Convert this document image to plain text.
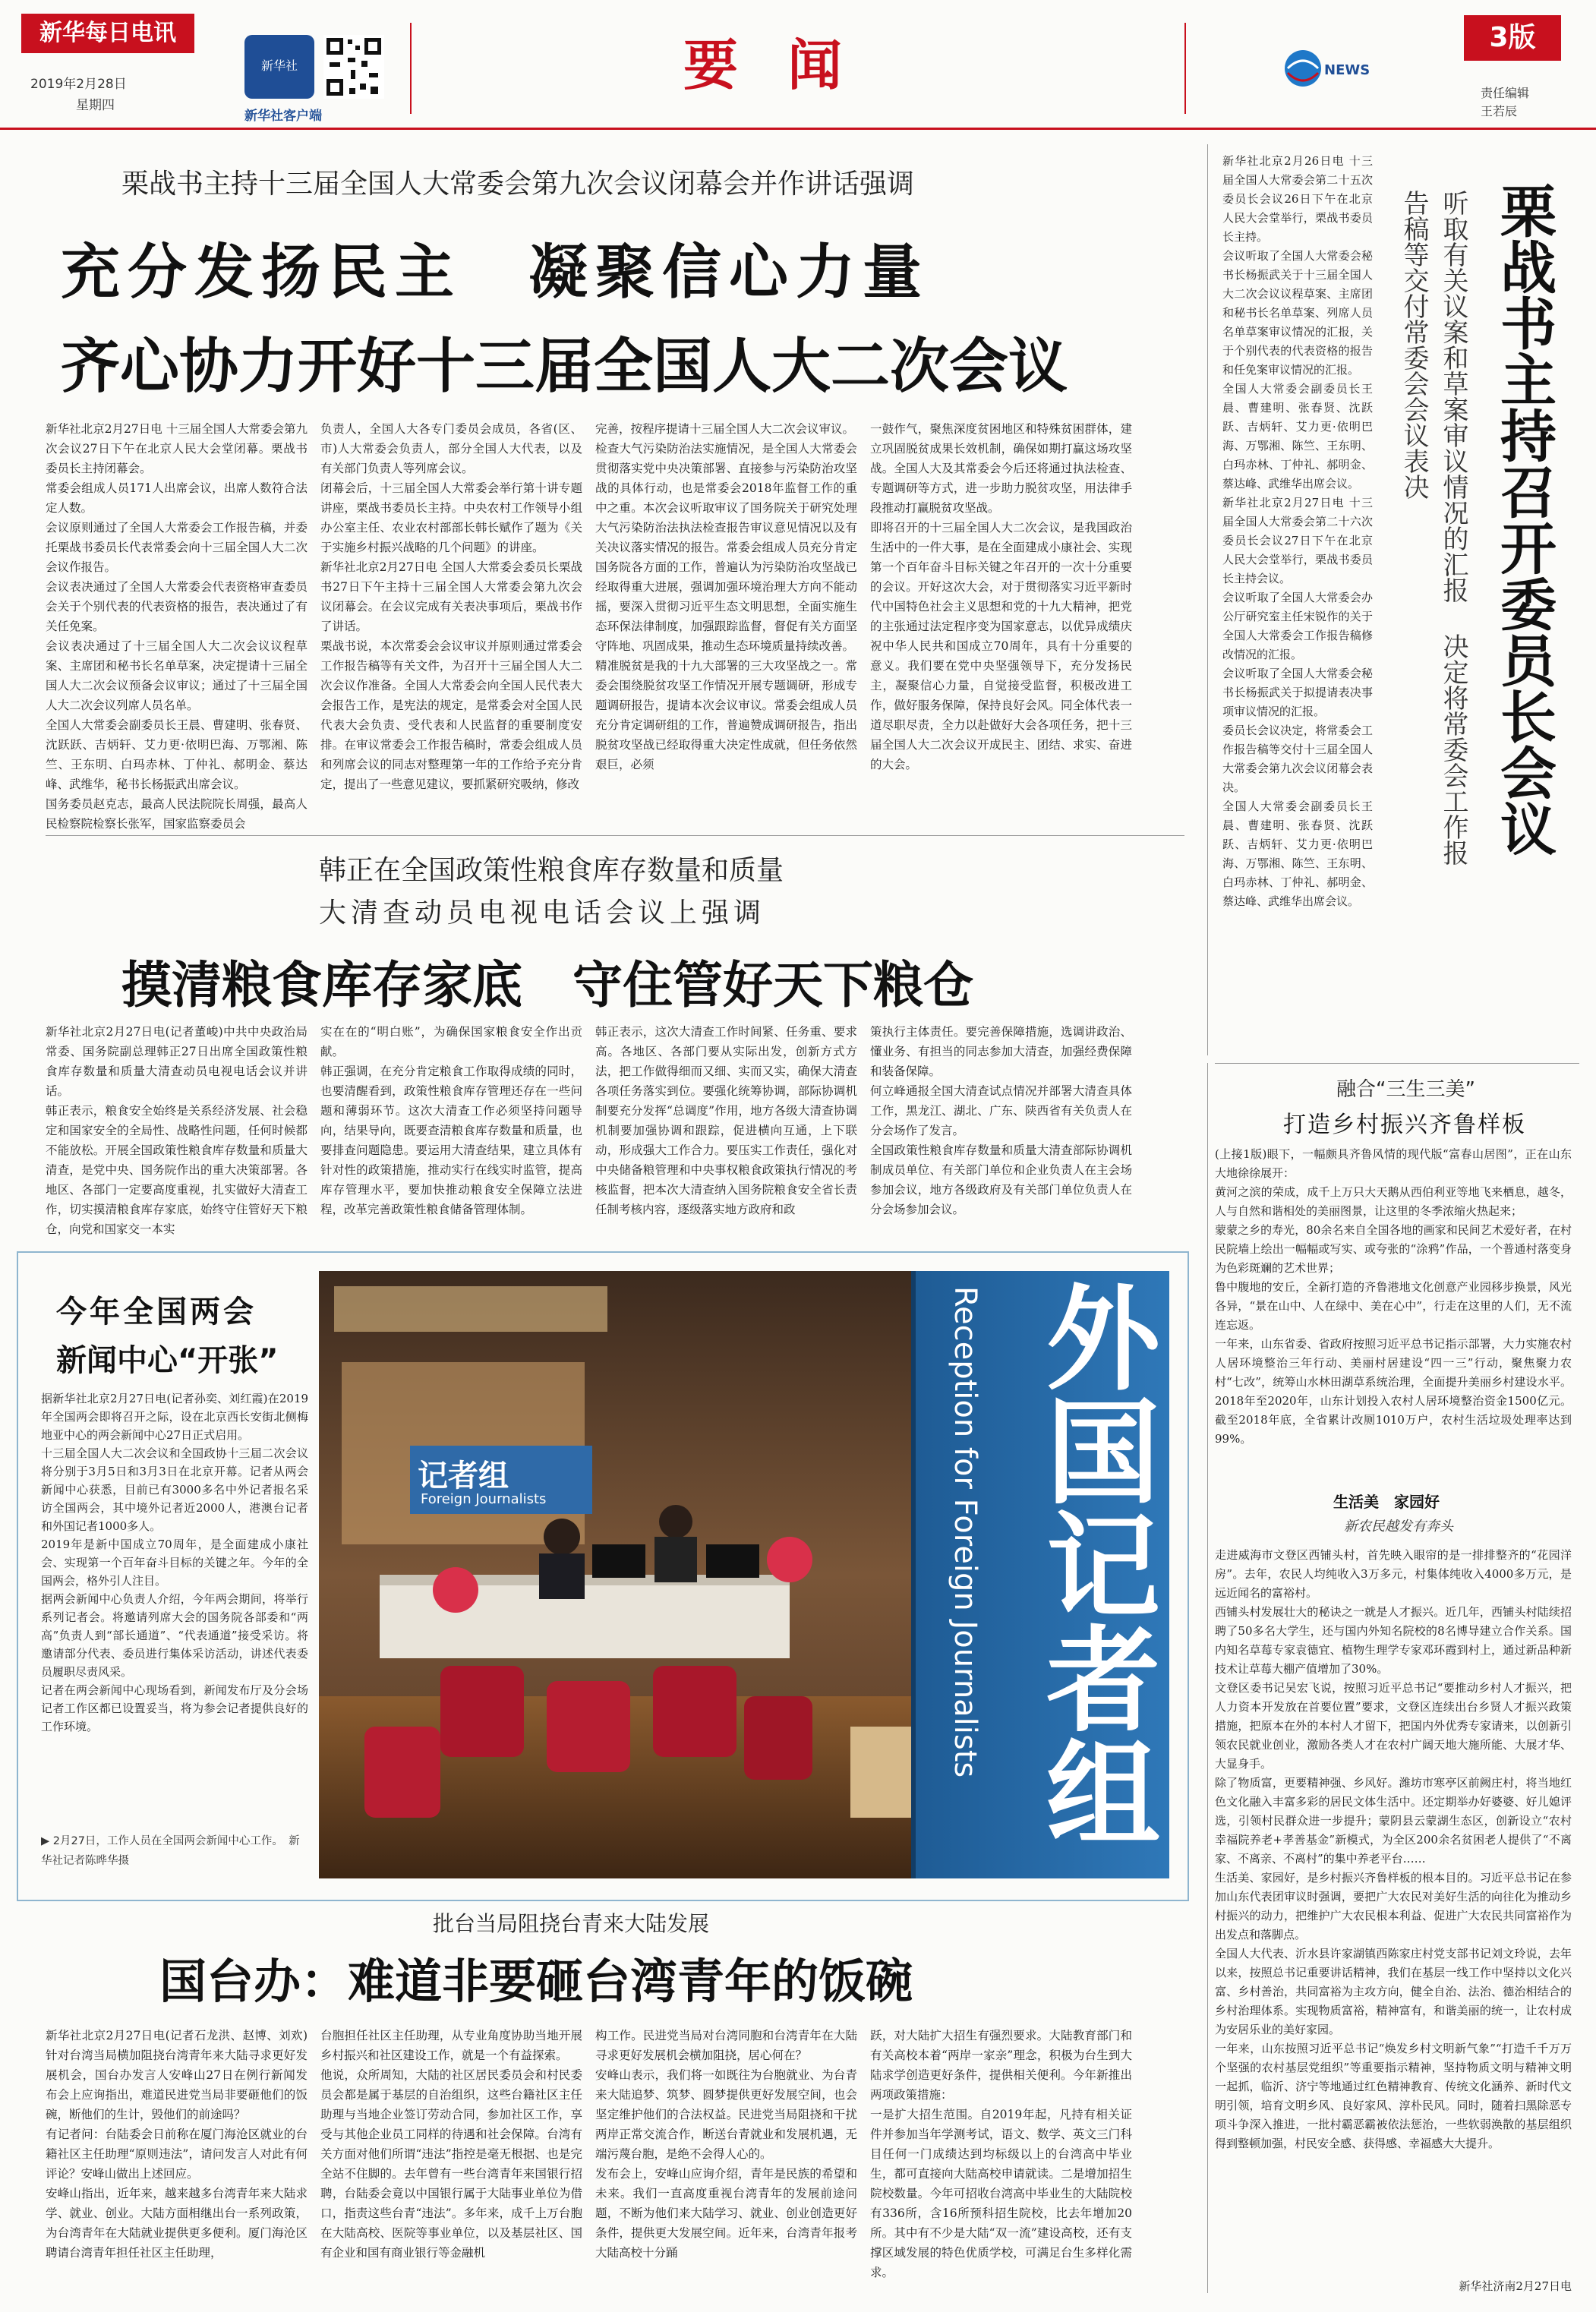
新华每日电讯
2019年2月28日
星期四
新华社
新华社客户端
要 闻	NEWS
3版
责任编辑
王若辰
栗战书主持十三届全国人大常委会第九次会议闭幕会并作讲话强调
充分发扬民主　凝聚信心力量
齐心协力开好十三届全国人大二次会议
新华社北京2月27日电 十三届全国人大常委会第九次会议27日下午在北京人民大会堂闭幕。栗战书委员长主持闭幕会。
常委会组成人员171人出席会议，出席人数符合法定人数。
会议原则通过了全国人大常委会工作报告稿，并委托栗战书委员长代表常委会向十三届全国人大二次会议作报告。
会议表决通过了全国人大常委会代表资格审查委员会关于个别代表的代表资格的报告，表决通过了有关任免案。
会议表决通过了十三届全国人大二次会议议程草案、主席团和秘书长名单草案，决定提请十三届全国人大二次会议预备会议审议；通过了十三届全国人大二次会议列席人员名单。
全国人大常委会副委员长王晨、曹建明、张春贤、沈跃跃、吉炳轩、艾力更·依明巴海、万鄂湘、陈竺、王东明、白玛赤林、丁仲礼、郝明金、蔡达峰、武维华，秘书长杨振武出席会议。
国务委员赵克志，最高人民法院院长周强，最高人民检察院检察长张军，国家监察委员会
负责人，全国人大各专门委员会成员，各省(区、市)人大常委会负责人，部分全国人大代表，以及有关部门负责人等列席会议。
闭幕会后，十三届全国人大常委会举行第十讲专题讲座，栗战书委员长主持。中央农村工作领导小组办公室主任、农业农村部部长韩长赋作了题为《关于实施乡村振兴战略的几个问题》的讲座。
新华社北京2月27日电 全国人大常委会委员长栗战书27日下午主持十三届全国人大常委会第九次会议闭幕会。在会议完成有关表决事项后，栗战书作了讲话。
栗战书说，本次常委会会议审议并原则通过常委会工作报告稿等有关文件，为召开十三届全国人大二次会议作准备。全国人大常委会向全国人民代表大会报告工作，是宪法的规定，是常委会对全国人民代表大会负责、受代表和人民监督的重要制度安排。在审议常委会工作报告稿时，常委会组成人员和列席会议的同志对整理第一年的工作给予充分肯定，提出了一些意见建议，要抓紧研究吸纳，修改
完善，按程序提请十三届全国人大二次会议审议。
检查大气污染防治法实施情况，是全国人大常委会贯彻落实党中央决策部署、直接参与污染防治攻坚战的具体行动，也是常委会2018年监督工作的重中之重。本次会议听取审议了国务院关于研究处理大气污染防治法执法检查报告审议意见情况以及有关决议落实情况的报告。常委会组成人员充分肯定国务院各方面的工作，普遍认为污染防治攻坚战已经取得重大进展，强调加强环境治理大方向不能动摇，要深入贯彻习近平生态文明思想，全面实施生态环保法律制度，加强跟踪监督，督促有关方面坚守阵地、巩固成果，推动生态环境质量持续改善。
精准脱贫是我的十九大部署的三大攻坚战之一。常委会围绕脱贫攻坚工作情况开展专题调研，形成专题调研报告，提请本次会议审议。常委会组成人员充分肯定调研组的工作，普遍赞成调研报告，指出脱贫攻坚战已经取得重大决定性成就，但任务依然艰巨，必须
一鼓作气，聚焦深度贫困地区和特殊贫困群体，建立巩固脱贫成果长效机制，确保如期打赢这场攻坚战。全国人大及其常委会今后还将通过执法检查、专题调研等方式，进一步助力脱贫攻坚，用法律手段推动打赢脱贫攻坚战。
即将召开的十三届全国人大二次会议，是我国政治生活中的一件大事，是在全面建成小康社会、实现第一个百年奋斗目标关键之年召开的一次十分重要的会议。开好这次大会，对于贯彻落实习近平新时代中国特色社会主义思想和党的十九大精神，把党的主张通过法定程序变为国家意志，以优异成绩庆祝中华人民共和国成立70周年，具有十分重要的意义。我们要在党中央坚强领导下，充分发扬民主，凝聚信心力量，自觉接受监督，积极改进工作，做好服务保障，保持良好会风。同全体代表一道尽职尽责，全力以赴做好大会各项任务，把十三届全国人大二次会议开成民主、团结、求实、奋进的大会。
新华社北京2月26日电 十三届全国人大常委会第二十五次委员长会议26日下午在北京人民大会堂举行，栗战书委员长主持。
会议听取了全国人大常委会秘书长杨振武关于十三届全国人大二次会议议程草案、主席团和秘书长名单草案、列席人员名单草案审议情况的汇报，关于个别代表的代表资格的报告和任免案审议情况的汇报。
全国人大常委会副委员长王晨、曹建明、张春贤、沈跃跃、吉炳轩、艾力更·依明巴海、万鄂湘、陈竺、王东明、白玛赤林、丁仲礼、郝明金、蔡达峰、武维华出席会议。
新华社北京2月27日电 十三届全国人大常委会第二十六次委员长会议27日下午在北京人民大会堂举行，栗战书委员长主持会议。
会议听取了全国人大常委会办公厅研究室主任宋锐作的关于全国人大常委会工作报告稿修改情况的汇报。
会议听取了全国人大常委会秘书长杨振武关于拟提请表决事项审议情况的汇报。
委员长会议决定，将常委会工作报告稿等交付十三届全国人大常委会第九次会议闭幕会表决。
全国人大常委会副委员长王晨、曹建明、张春贤、沈跃跃、吉炳轩、艾力更·依明巴海、万鄂湘、陈竺、王东明、白玛赤林、丁仲礼、郝明金、蔡达峰、武维华出席会议。
听取有关议案和草案审议情况的汇报 决定将常委会工作报告稿等交付常委会会议表决	栗战书主持召开委员长会议
韩正在全国政策性粮食库存数量和质量
大清查动员电视电话会议上强调
摸清粮食库存家底　守住管好天下粮仓
新华社北京2月27日电(记者董峻)中共中央政治局常委、国务院副总理韩正27日出席全国政策性粮食库存数量和质量大清查动员电视电话会议并讲话。
韩正表示，粮食安全始终是关系经济发展、社会稳定和国家安全的全局性、战略性问题，任何时候都不能放松。开展全国政策性粮食库存数量和质量大清查，是党中央、国务院作出的重大决策部署。各地区、各部门一定要高度重视，扎实做好大清查工作，切实摸清粮食库存家底，始终守住管好天下粮仓，向党和国家交一本实
实在在的“明白账”，为确保国家粮食安全作出贡献。
韩正强调，在充分肯定粮食工作取得成绩的同时，也要清醒看到，政策性粮食库存管理还存在一些问题和薄弱环节。这次大清查工作必须坚持问题导向，结果导向，既要查清粮食库存数量和质量，也要排查问题隐患。要运用大清查结果，建立具体有针对性的政策措施，推动实行在线实时监管，提高库存管理水平，要加快推动粮食安全保障立法进程，改革完善政策性粮食储备管理体制。
韩正表示，这次大清查工作时间紧、任务重、要求高。各地区、各部门要从实际出发，创新方式方法，把工作做得细而又细、实而又实，确保大清查各项任务落实到位。要强化统筹协调，部际协调机制要充分发挥“总调度”作用，地方各级大清查协调机制要加强协调和跟踪，促进横向互通，上下联动，形成强大工作合力。要压实工作责任，强化对中央储备粮管理和中央事权粮食政策执行情况的考核监督，把本次大清查纳入国务院粮食安全省长责任制考核内容，逐级落实地方政府和政
策执行主体责任。要完善保障措施，选调讲政治、懂业务、有担当的同志参加大清查，加强经费保障和装备保障。
何立峰通报全国大清查试点情况并部署大清查具体工作，黑龙江、湖北、广东、陕西省有关负责人在分会场作了发言。
全国政策性粮食库存数量和质量大清查部际协调机制成员单位、有关部门单位和企业负责人在主会场参加会议，地方各级政府及有关部门单位负责人在分会场参加会议。
今年全国两会
新闻中心“开张”
据新华社北京2月27日电(记者孙奕、刘红霞)在2019年全国两会即将召开之际，设在北京西长安街北侧梅地亚中心的两会新闻中心27日正式启用。
十三届全国人大二次会议和全国政协十三届二次会议将分别于3月5日和3月3日在北京开幕。记者从两会新闻中心获悉，目前已有3000多名中外记者报名采访全国两会，其中境外记者近2000人，港澳台记者和外国记者1000多人。
2019年是新中国成立70周年，是全面建成小康社会、实现第一个百年奋斗目标的关键之年。今年的全国两会，格外引人注目。
据两会新闻中心负责人介绍，今年两会期间，将举行系列记者会。将邀请列席大会的国务院各部委和“两高”负责人到“部长通道”、“代表通道”接受采访。将邀请部分代表、委员进行集体采访活动，讲述代表委员履职尽责风采。
记者在两会新闻中心现场看到，新闻发布厅及分会场记者工作区都已设置妥当，将为参会记者提供良好的工作环境。
▶ 2月27日，工作人员在全国两会新闻中心工作。　新华社记者陈晔华摄
记者组
Foreign Journalists	Reception for Foreign Journalists 外国记者组
融合“三生三美”
打造乡村振兴齐鲁样板
(上接1版)眼下，一幅颇具齐鲁风情的现代版“富春山居图”，正在山东大地徐徐展开：
黄河之滨的荣成，成千上万只大天鹅从西伯利亚等地飞来栖息，越冬，人与自然和谐相处的美丽图景，让这里的冬季浓缩火热起来；
蒙蒙之乡的寿光，80余名来自全国各地的画家和民间艺术爱好者，在村民院墙上绘出一幅幅或写实、或夸张的“涂鸦”作品，一个普通村落变身为色彩斑斓的艺术世界；
鲁中腹地的安丘，全新打造的齐鲁港地文化创意产业园移步换景，风光各异，“景在山中、人在绿中、美在心中”，行走在这里的人们，无不流连忘返。
一年来，山东省委、省政府按照习近平总书记指示部署，大力实施农村人居环境整治三年行动、美丽村居建设“四一三”行动，聚焦聚力农村“七改”，统筹山水林田湖草系统治理，全面提升美丽乡村建设水平。2018年至2020年，山东计划投入农村人居环境整治资金1500亿元。截至2018年底，全省累计改厕1010万户，农村生活垃圾处理率达到99%。
生活美　家园好
新农民越发有奔头
走进威海市文登区西铺头村，首先映入眼帘的是一排排整齐的“花园洋房”。去年，农民人均纯收入3万多元，村集体纯收入4000多万元，是远近闻名的富裕村。
西铺头村发展壮大的秘诀之一就是人才振兴。近几年，西铺头村陆续招聘了50多名大学生，还与国内外知名院校的8名博导建立合作关系。国内知名草莓专家袁德宜、植物生理学专家邓环霞到村上，通过新品种新技术让草莓大棚产值增加了30%。
文登区委书记吴宏飞说，按照习近平总书记“要推动乡村人才振兴，把人力资本开发放在首要位置”要求，文登区连续出台乡贤人才振兴政策措施，把原本在外的本村人才留下，把国内外优秀专家请来，以创新引领农民就业创业，激励各类人才在农村广阔天地大施所能、大展才华、大显身手。
除了物质富，更要精神强、乡风好。潍坊市寒亭区前阙庄村，将当地红色文化融入丰富多彩的居民文体生活中。还定期举办好婆婆、好儿媳评选，引领村民群众进一步提升；蒙阴县云蒙湖生态区，创新设立“农村幸福院养老+孝善基金”新模式，为全区200余名贫困老人提供了“不离家、不离亲、不离村”的集中养老平台……
生活美、家园好，是乡村振兴齐鲁样板的根本目的。习近平总书记在参加山东代表团审议时强调，要把广大农民对美好生活的向往化为推动乡村振兴的动力，把维护广大农民根本利益、促进广大农民共同富裕作为出发点和落脚点。
全国人大代表、沂水县许家湖镇西陈家庄村党支部书记刘文玲说，去年以来，按照总书记重要讲话精神，我们在基层一线工作中坚持以文化兴富、乡村善治，共同富裕为主攻方向，健全自治、法治、德治相结合的乡村治理体系。实现物质富裕，精神富有，和谐美丽的统一，让农村成为安居乐业的美好家园。
一年来，山东按照习近平总书记“焕发乡村文明新气象”“打造千千万万个坚强的农村基层党组织”等重要指示精神，坚持物质文明与精神文明一起抓，临沂、济宁等地通过红色精神教育、传统文化涵养、新时代文明引领，培育文明乡风、良好家风、淳朴民风。同时，随着扫黑除恶专项斗争深入推进，一批村霸恶霸被依法惩治，一些软弱涣散的基层组织得到整顿加强，村民安全感、获得感、幸福感大大提升。
新华社济南2月27日电
批台当局阻挠台青来大陆发展
国台办：难道非要砸台湾青年的饭碗
新华社北京2月27日电(记者石龙洪、赵博、刘欢)针对台湾当局横加阻挠台湾青年来大陆寻求更好发展机会，国台办发言人安峰山27日在例行新闻发布会上应询指出，难道民进党当局非要砸他们的饭碗，断他们的生计，毁他们的前途吗？
有记者问：台陆委会日前称在厦门海沧区就业的台籍社区主任助理“原则违法”，请问发言人对此有何评论？安峰山做出上述回应。
安峰山指出，近年来，越来越多台湾青年来大陆求学、就业、创业。大陆方面相继出台一系列政策，为台湾青年在大陆就业提供更多便利。厦门海沧区聘请台湾青年担任社区主任助理，
台胞担任社区主任助理，从专业角度协助当地开展乡村振兴和社区建设工作，就是一个有益探索。
他说，众所周知，大陆的社区居民委员会和村民委员会都是属于基层的自治组织，这些台籍社区主任助理与当地企业签订劳动合同，参加社区工作，享受与其他企业员工同样的待遇和社会保障。台湾有关方面对他们所谓“违法”指控是毫无根据、也是完全站不住脚的。去年曾有一些台湾青年来国银行招聘，台陆委会竟以中国银行属于大陆事业单位为借口，指责这些台青“违法”。多年来，成千上万台胞在大陆高校、医院等事业单位，以及基层社区、国有企业和国有商业银行等金融机
构工作。民进党当局对台湾同胞和台湾青年在大陆寻求更好发展机会横加阻挠，居心何在？
安峰山表示，我们将一如既往为台胞就业、为台青来大陆追梦、筑梦、圆梦提供更好发展空间，也会坚定维护他们的合法权益。民进党当局阻挠和干扰两岸正常交流合作，断送台青就业和发展机遇，无端污蔑台胞，是绝不会得人心的。
发布会上，安峰山应询介绍，青年是民族的希望和未来。我们一直高度重视台湾青年的发展前途问题，不断为他们来大陆学习、就业、创业创造更好条件，提供更大发展空间。近年来，台湾青年报考大陆高校十分踊
跃，对大陆扩大招生有强烈要求。大陆教育部门和有关高校本着“两岸一家亲”理念，积极为台生到大陆求学创造更好条件，提供相关便利。今年新推出两项政策措施：
一是扩大招生范围。自2019年起，凡持有相关证件并参加当年学测考试，语文、数学、英文三门科目任何一门成绩达到均标级以上的台湾高中毕业生，都可直接向大陆高校申请就读。二是增加招生院校数量。今年可招收台湾高中毕业生的大陆院校有336所，含16所预科招生院校，比去年增加20所。其中有不少是大陆“双一流”建设高校，还有支撑区域发展的特色优质学校，可满足台生多样化需求。
